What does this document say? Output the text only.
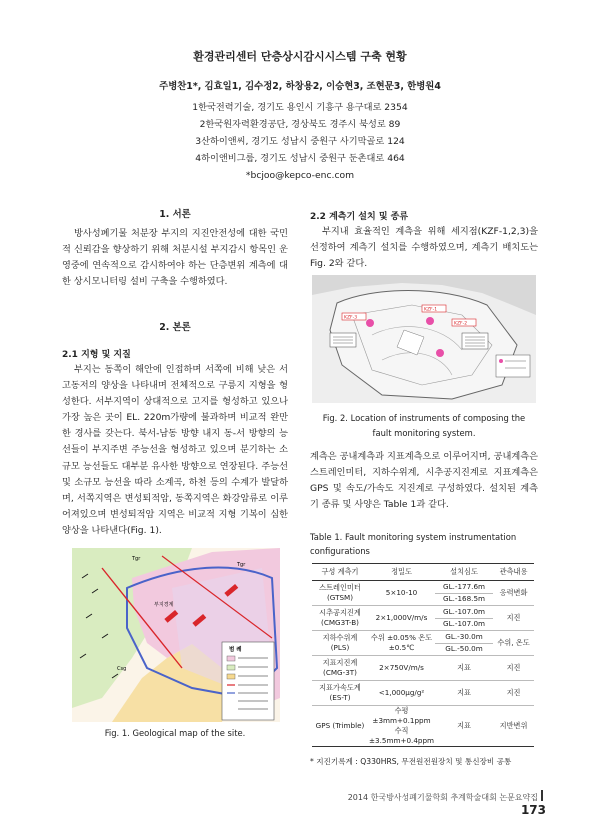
환경관리센터 단층상시감시시스템 구축 현황
주병찬1*, 김효일1, 김수정2, 하창용2, 이승현3, 조현문3, 한병원4
1한국전력기술, 경기도 용인시 기흥구 용구대로 2354
2한국원자력환경공단, 경상북도 경주시 북성로 89
3산하이앤씨, 경기도 성남시 중원구 사기막골로 124
4하이앤비그룹, 경기도 성남시 중원구 둔촌대로 464
*bcjoo@kepco-enc.com
1. 서론
방사성폐기물 처분장 부지의 지진안전성에 대한 국민적 신뢰감을 향상하기 위해 처분시설 부지감시 항목인 운영중에 연속적으로 감시하여야 하는 단층변위 계측에 대한 상시모니터링 설비 구축을 수행하였다.
2. 본론
2.1 지형 및 지질
부지는 동쪽이 해안에 인접하며 서쪽에 비해 낮은 서고동저의 양상을 나타내며 전체적으로 구릉지 지형을 형성한다. 서부지역이 상대적으로 고지를 형성하고 있으나 가장 높은 곳이 EL. 220m가량에 불과하며 비교적 완만한 경사를 갖는다. 북서-남동 방향 내지 동-서 방향의 능선들이 부지주변 주능선을 형성하고 있으며 분기하는 소규모 능선들도 대부분 유사한 방향으로 연장된다. 주능선 및 소규모 능선을 따라 소계곡, 하천 등의 수계가 발달하며, 서쪽지역은 변성퇴적암, 동쪽지역은 화강암류로 이루어져있으며 변성퇴적암 지역은 비교적 지형 기복이 심한 양상을 나타낸다(Fig. 1).
Tgr
Tgr
부지경계
범 례
Csg
Fig. 1. Geological map of the site.
2.2 계측기 설치 및 종류
부지내 효율적인 계측을 위해 세지점(KZF-1,2,3)을 선정하여 계측기 설치를 수행하였으며, 계측기 배치도는 Fig. 2와 같다.
KZF-3
KZF-1
KZF-2
Fig. 2. Location of instruments of composing the
fault monitoring system.
계측은 공내계측과 지표계측으로 이루어지며, 공내계측은 스트레인미터, 지하수위계, 시추공지진계로 지표계측은 GPS 및 속도/가속도 지진계로 구성하였다. 설치된 계측기 종류 및 사양은 Table 1과 같다.
Table 1. Fault monitoring system instrumentation configurations
구성 계측기	정밀도	설치심도	관측내용
스트레인미터 (GTSM)	5×10-10	GL.-177.6m	응력변화
		GL.-168.5m	
시추공지진계 (CMG3T-B)	2×1,000V/m/s	GL.-107.0m	지진
		GL.-107.0m	
지하수위계 (PLS)	수위 ±0.05% 온도 ±0.5℃	GL.-30.0m	수위, 온도
		GL.-50.0m	
지표지진계 (CMG-3T)	2×750V/m/s	지표	지진
지표가속도계 (ES-T)	<1,000μg/g²	지표	지진
GPS (Trimble)	수평 ±3mm+0.1ppm 수직 ±3.5mm+0.4ppm	지표	지반변위
* 지진기록계 : Q330HRS, 무전원전원장치 및 통신장비 공통
2014 한국방사성폐기물학회 추계학술대회 논문요약집173
